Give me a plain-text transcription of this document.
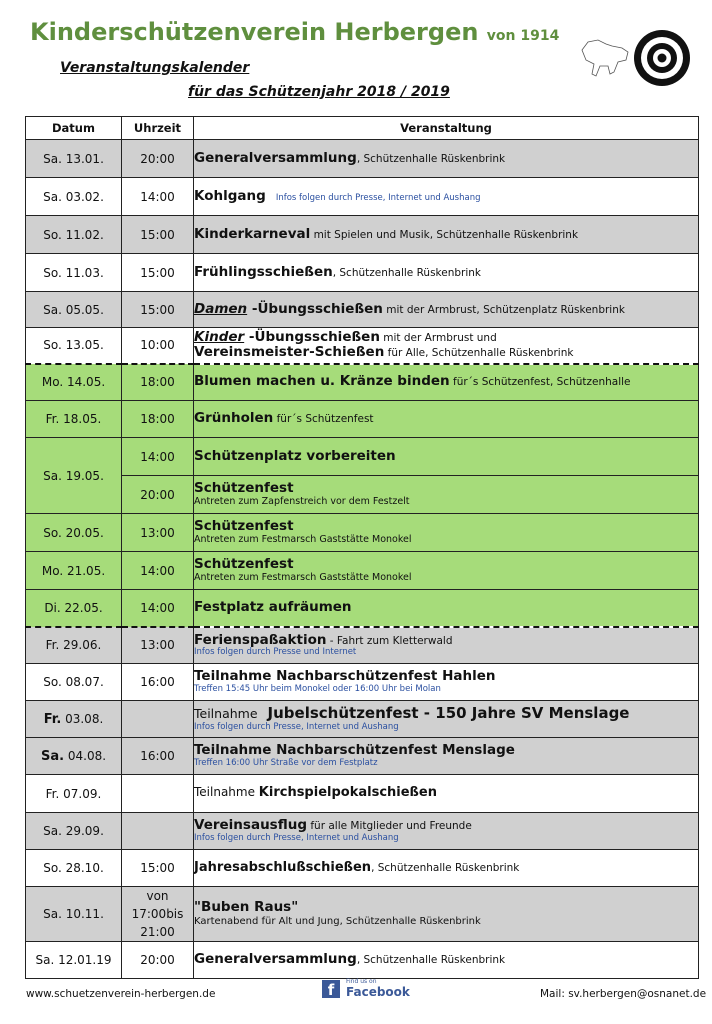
Kinderschützenverein Herbergen von 1914
Veranstaltungskalender
für das Schützenjahr 2018 / 2019
Datum	Uhrzeit	Veranstaltung
Sa. 13.01.	20:00	Generalversammlung, Schützenhalle Rüskenbrink
Sa. 03.02.	14:00	Kohlgang Infos folgen durch Presse, Internet und Aushang
So. 11.02.	15:00	Kinderkarneval mit Spielen und Musik, Schützenhalle Rüskenbrink
So. 11.03.	15:00	Frühlingsschießen, Schützenhalle Rüskenbrink
Sa. 05.05.	15:00	Damen -Übungsschießen mit der Armbrust, Schützenplatz Rüskenbrink
So. 13.05.	10:00	Kinder -Übungsschießen mit der Armbrust und
Vereinsmeister-Schießen für Alle, Schützenhalle Rüskenbrink

Mo. 14.05.	18:00	Blumen machen u. Kränze binden für´s Schützenfest, Schützenhalle
Fr. 18.05.	18:00	Grünholen für´s Schützenfest
Sa. 19.05.	14:00	Schützenplatz vorbereiten
	20:00	Schützenfest
Antreten zum Zapfenstreich vor dem Festzelt

So. 20.05.	13:00	Schützenfest
Antreten zum Festmarsch Gaststätte Monokel

Mo. 21.05.	14:00	Schützenfest
Antreten zum Festmarsch Gaststätte Monokel

Di. 22.05.	14:00	Festplatz aufräumen
Fr. 29.06.	13:00	Ferienspaßaktion - Fahrt zum Kletterwald
Infos folgen durch Presse und Internet

So. 08.07.	16:00	Teilnahme Nachbarschützenfest Hahlen
Treffen 15:45 Uhr beim Monokel oder 16:00 Uhr bei Molan

Fr. 03.08.		Teilnahme Jubelschützenfest - 150 Jahre SV Menslage
Infos folgen durch Presse, Internet und Aushang

Sa. 04.08.	16:00	Teilnahme Nachbarschützenfest Menslage
Treffen 16:00 Uhr Straße vor dem Festplatz

Fr. 07.09.		Teilnahme Kirchspielpokalschießen
Sa. 29.09.		Vereinsausflug für alle Mitglieder und Freunde
Infos folgen durch Presse, Internet und Aushang

So. 28.10.	15:00	Jahresabschlußschießen, Schützenhalle Rüskenbrink
Sa. 10.11.	von 17:00bis 21:00	"Buben Raus"
Kartenabend für Alt und Jung, Schützenhalle Rüskenbrink

Sa. 12.01.19	20:00	Generalversammlung, Schützenhalle Rüskenbrink
www.schuetzenverein-herbergen.de	f	Find us on
Facebook	Mail: sv.herbergen@osnanet.de
